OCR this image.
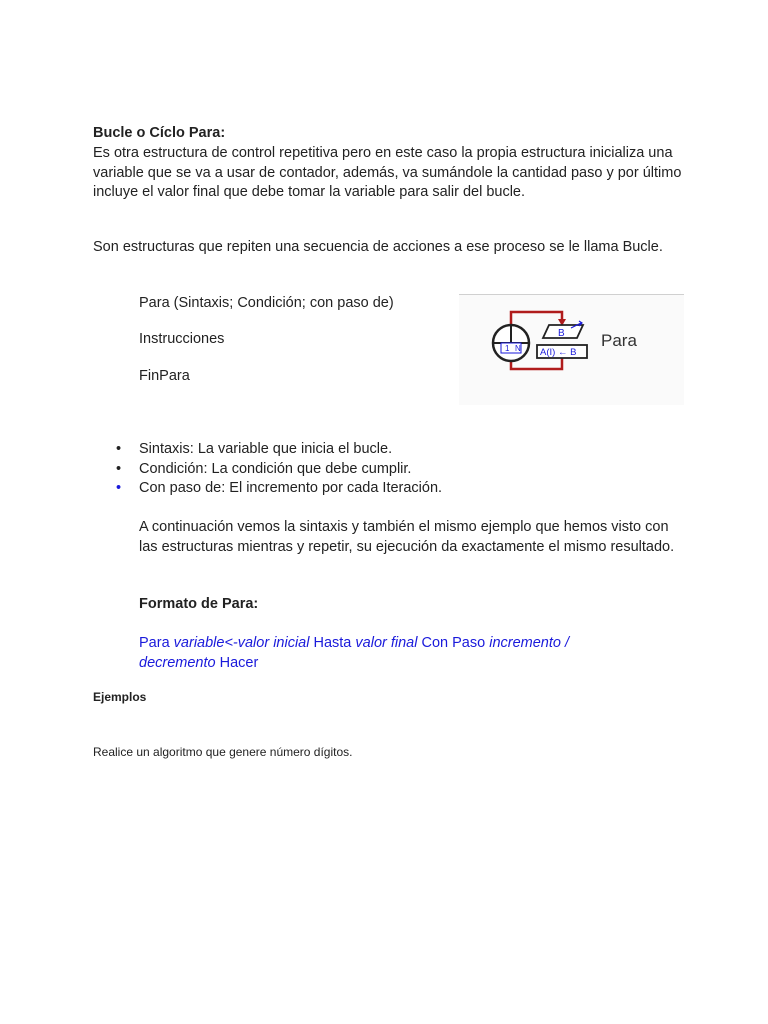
Bucle o Cíclo Para:
Es otra estructura de control repetitiva pero en este caso la propia estructura inicializa una variable que se va a usar de contador, además, va sumándole la cantidad paso y por último incluye el valor final que debe tomar la variable para salir del bucle.
Son estructuras que repiten una secuencia de acciones a ese proceso se le llama Bucle.
Para (Sintaxis; Condición; con paso de)
Instrucciones
FinPara
1 N
B
A(I) ← B
Para
• Sintaxis: La variable que inicia el bucle.
• Condición: La condición que debe cumplir.
• Con paso de: El incremento por cada Iteración.
A continuación vemos la sintaxis y también el mismo ejemplo que hemos visto con las estructuras mientras y repetir, su ejecución da exactamente el mismo resultado.
Formato de Para:
Para variable<-valor inicial Hasta valor final Con Paso incremento / decremento Hacer
Ejemplos
Realice un algoritmo que genere número dígitos.
